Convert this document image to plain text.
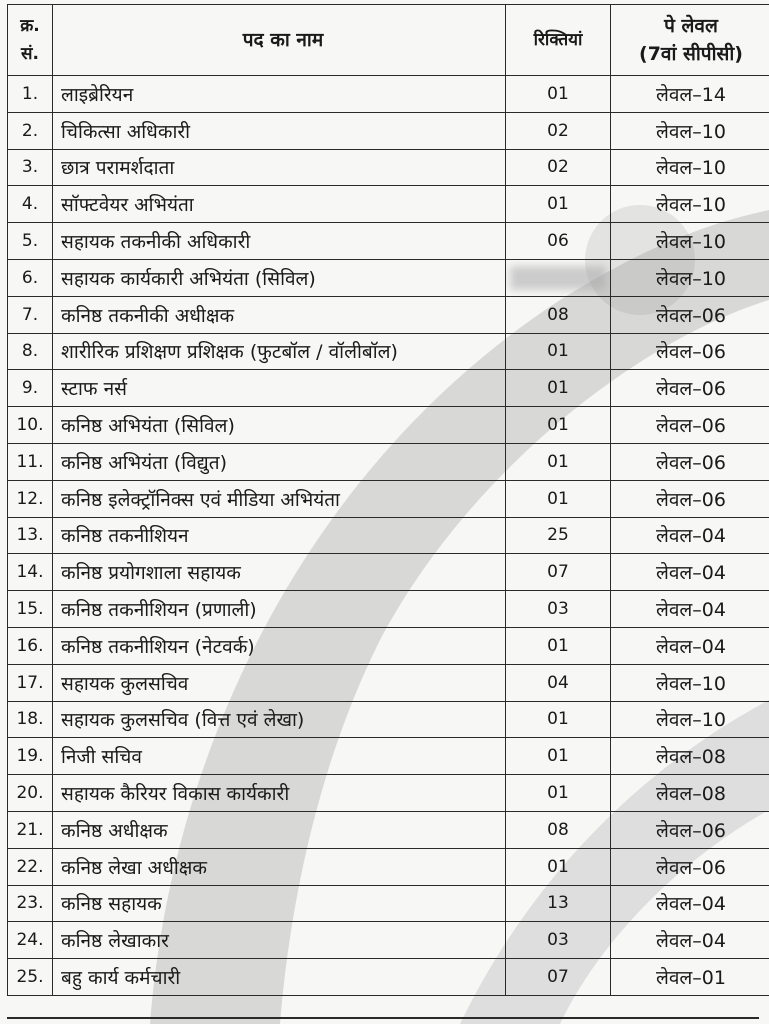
क्र.
सं.	पद का नाम	रिक्तियां	पे लेवल
(7वां सीपीसी)

1.	लाइब्रेरियन	01	लेवल–14
2.	चिकित्सा अधिकारी	02	लेवल–10
3.	छात्र परामर्शदाता	02	लेवल–10
4.	सॉफ्टवेयर अभियंता	01	लेवल–10
5.	सहायक तकनीकी अधिकारी	06	लेवल–10
6.	सहायक कार्यकारी अभियंता (सिविल)		लेवल–10
7.	कनिष्ठ तकनीकी अधीक्षक	08	लेवल–06
8.	शारीरिक प्रशिक्षण प्रशिक्षक (फुटबॉल / वॉलीबॉल)	01	लेवल–06
9.	स्टाफ नर्स	01	लेवल–06
10.	कनिष्ठ अभियंता (सिविल)	01	लेवल–06
11.	कनिष्ठ अभियंता (विद्युत)	01	लेवल–06
12.	कनिष्ठ इलेक्ट्रॉनिक्स एवं मीडिया अभियंता	01	लेवल–06
13.	कनिष्ठ तकनीशियन	25	लेवल–04
14.	कनिष्ठ प्रयोगशाला सहायक	07	लेवल–04
15.	कनिष्ठ तकनीशियन (प्रणाली)	03	लेवल–04
16.	कनिष्ठ तकनीशियन (नेटवर्क)	01	लेवल–04
17.	सहायक कुलसचिव	04	लेवल–10
18.	सहायक कुलसचिव (वित्त एवं लेखा)	01	लेवल–10
19.	निजी सचिव	01	लेवल–08
20.	सहायक कैरियर विकास कार्यकारी	01	लेवल–08
21.	कनिष्ठ अधीक्षक	08	लेवल–06
22.	कनिष्ठ लेखा अधीक्षक	01	लेवल–06
23.	कनिष्ठ सहायक	13	लेवल–04
24.	कनिष्ठ लेखाकार	03	लेवल–04
25.	बहु कार्य कर्मचारी	07	लेवल–01
